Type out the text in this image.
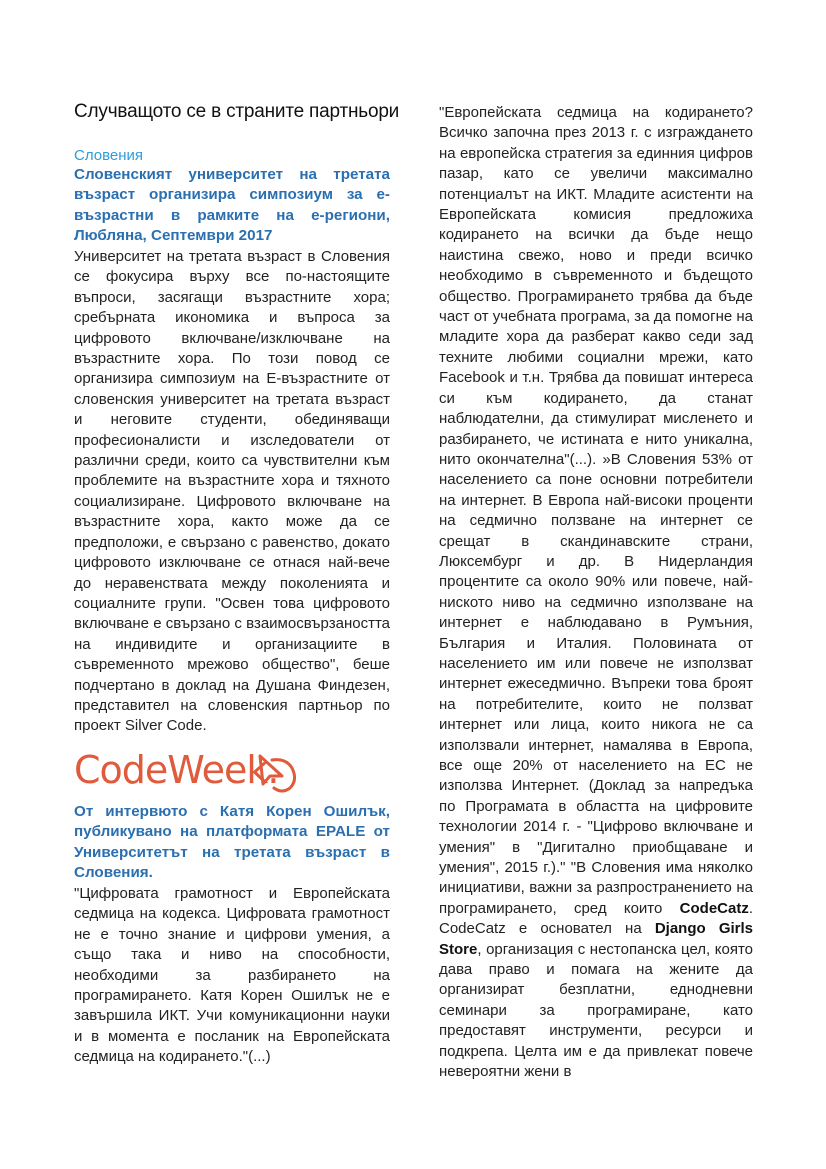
Случващото се в страните партньори
Словения
Словенският университет на третата възраст организира симпозиум за е-възрастни в рамките на е-региони, Любляна, Септември 2017

Университет на третата възраст в Словения се фокусира върху все по-настоящите въпроси, засягащи възрастните хора; сребърната икономика и въпроса за цифровото включване/изключване на възрастните хора. По този повод се организира симпозиум на Е-възрастните от словенския университет на третата възраст и неговите студенти, обединяващи професионалисти и изследователи от различни среди, които са чувствителни към проблемите на възрастните хора и тяхното социализиране. Цифровото включване на възрастните хора, както може да се предположи, е свързано с равенство, докато цифровото изключване се отнася най-вече до неравенствата между поколенията и социалните групи. "Освен това цифровото включване е свързано с взаимосвързаността на индивидите и организациите в съвременното мрежово общество", беше подчертано в доклад на Душана Финдезен, представител на словенския партньор по проект Silver Code.

CodeWeek.
От интервюто с Катя Корен Ошилък, публикувано на платформата EPALE от Университетът на третата възраст в Словения.

"Цифровата грамотност и Европейската седмица на кодекса. Цифровата грамотност не е точно знание и цифрови умения, а също така и ниво на способности, необходими за разбирането на програмирането. Катя Корен Ошилък не е завършила ИКТ. Учи комуникационни науки и в момента е посланик на Европейската седмица на кодирането."(...)

"Европейската седмица на кодирането? Всичко започна през 2013 г. с изграждането на европейска стратегия за единния цифров пазар, като се увеличи максимално потенциалът на ИКТ. Младите асистенти на Европейската комисия предложиха кодирането на всички да бъде нещо наистина свежо, ново и преди всичко необходимо в съвременното и бъдещото общество. Програмирането трябва да бъде част от учебната програма, за да помогне на младите хора да разберат какво седи зад техните любими социални мрежи, като Facebook и т.н. Трябва да повишат интереса си към кодирането, да станат наблюдателни, да стимулират мисленето и разбирането, че истината е нито уникална, нито окончателна"(...). »В Словения 53% от населението са поне основни потребители на интернет. В Европа най-високи проценти на седмично ползване на интернет се срещат в скандинавските страни, Люксембург и др. В Нидерландия процентите са около 90% или повече, най-ниското ниво на седмично използване на интернет е наблюдавано в Румъния, България и Италия. Половината от населението им или повече не използват интернет ежеседмично. Въпреки това броят на потребителите, които не ползват интернет или лица, които никога не са използвали интернет, намалява в Европа, все още 20% от населението на ЕС не използва Интернет. (Доклад за напредъка по Програмата в областта на цифровите технологии 2014 г. - "Цифрово включване и умения" в "Дигитално приобщаване и умения", 2015 г.)." "В Словения има няколко инициативи, важни за разпространението на програмирането, сред които CodeCatz. CodeCatz е основател на Django Girls Store, организация с нестопанска цел, която дава право и помага на жените да организират безплатни, еднодневни семинари за програмиране, като предоставят инструменти, ресурси и подкрепа. Целта им е да привлекат повече невероятни жени в
